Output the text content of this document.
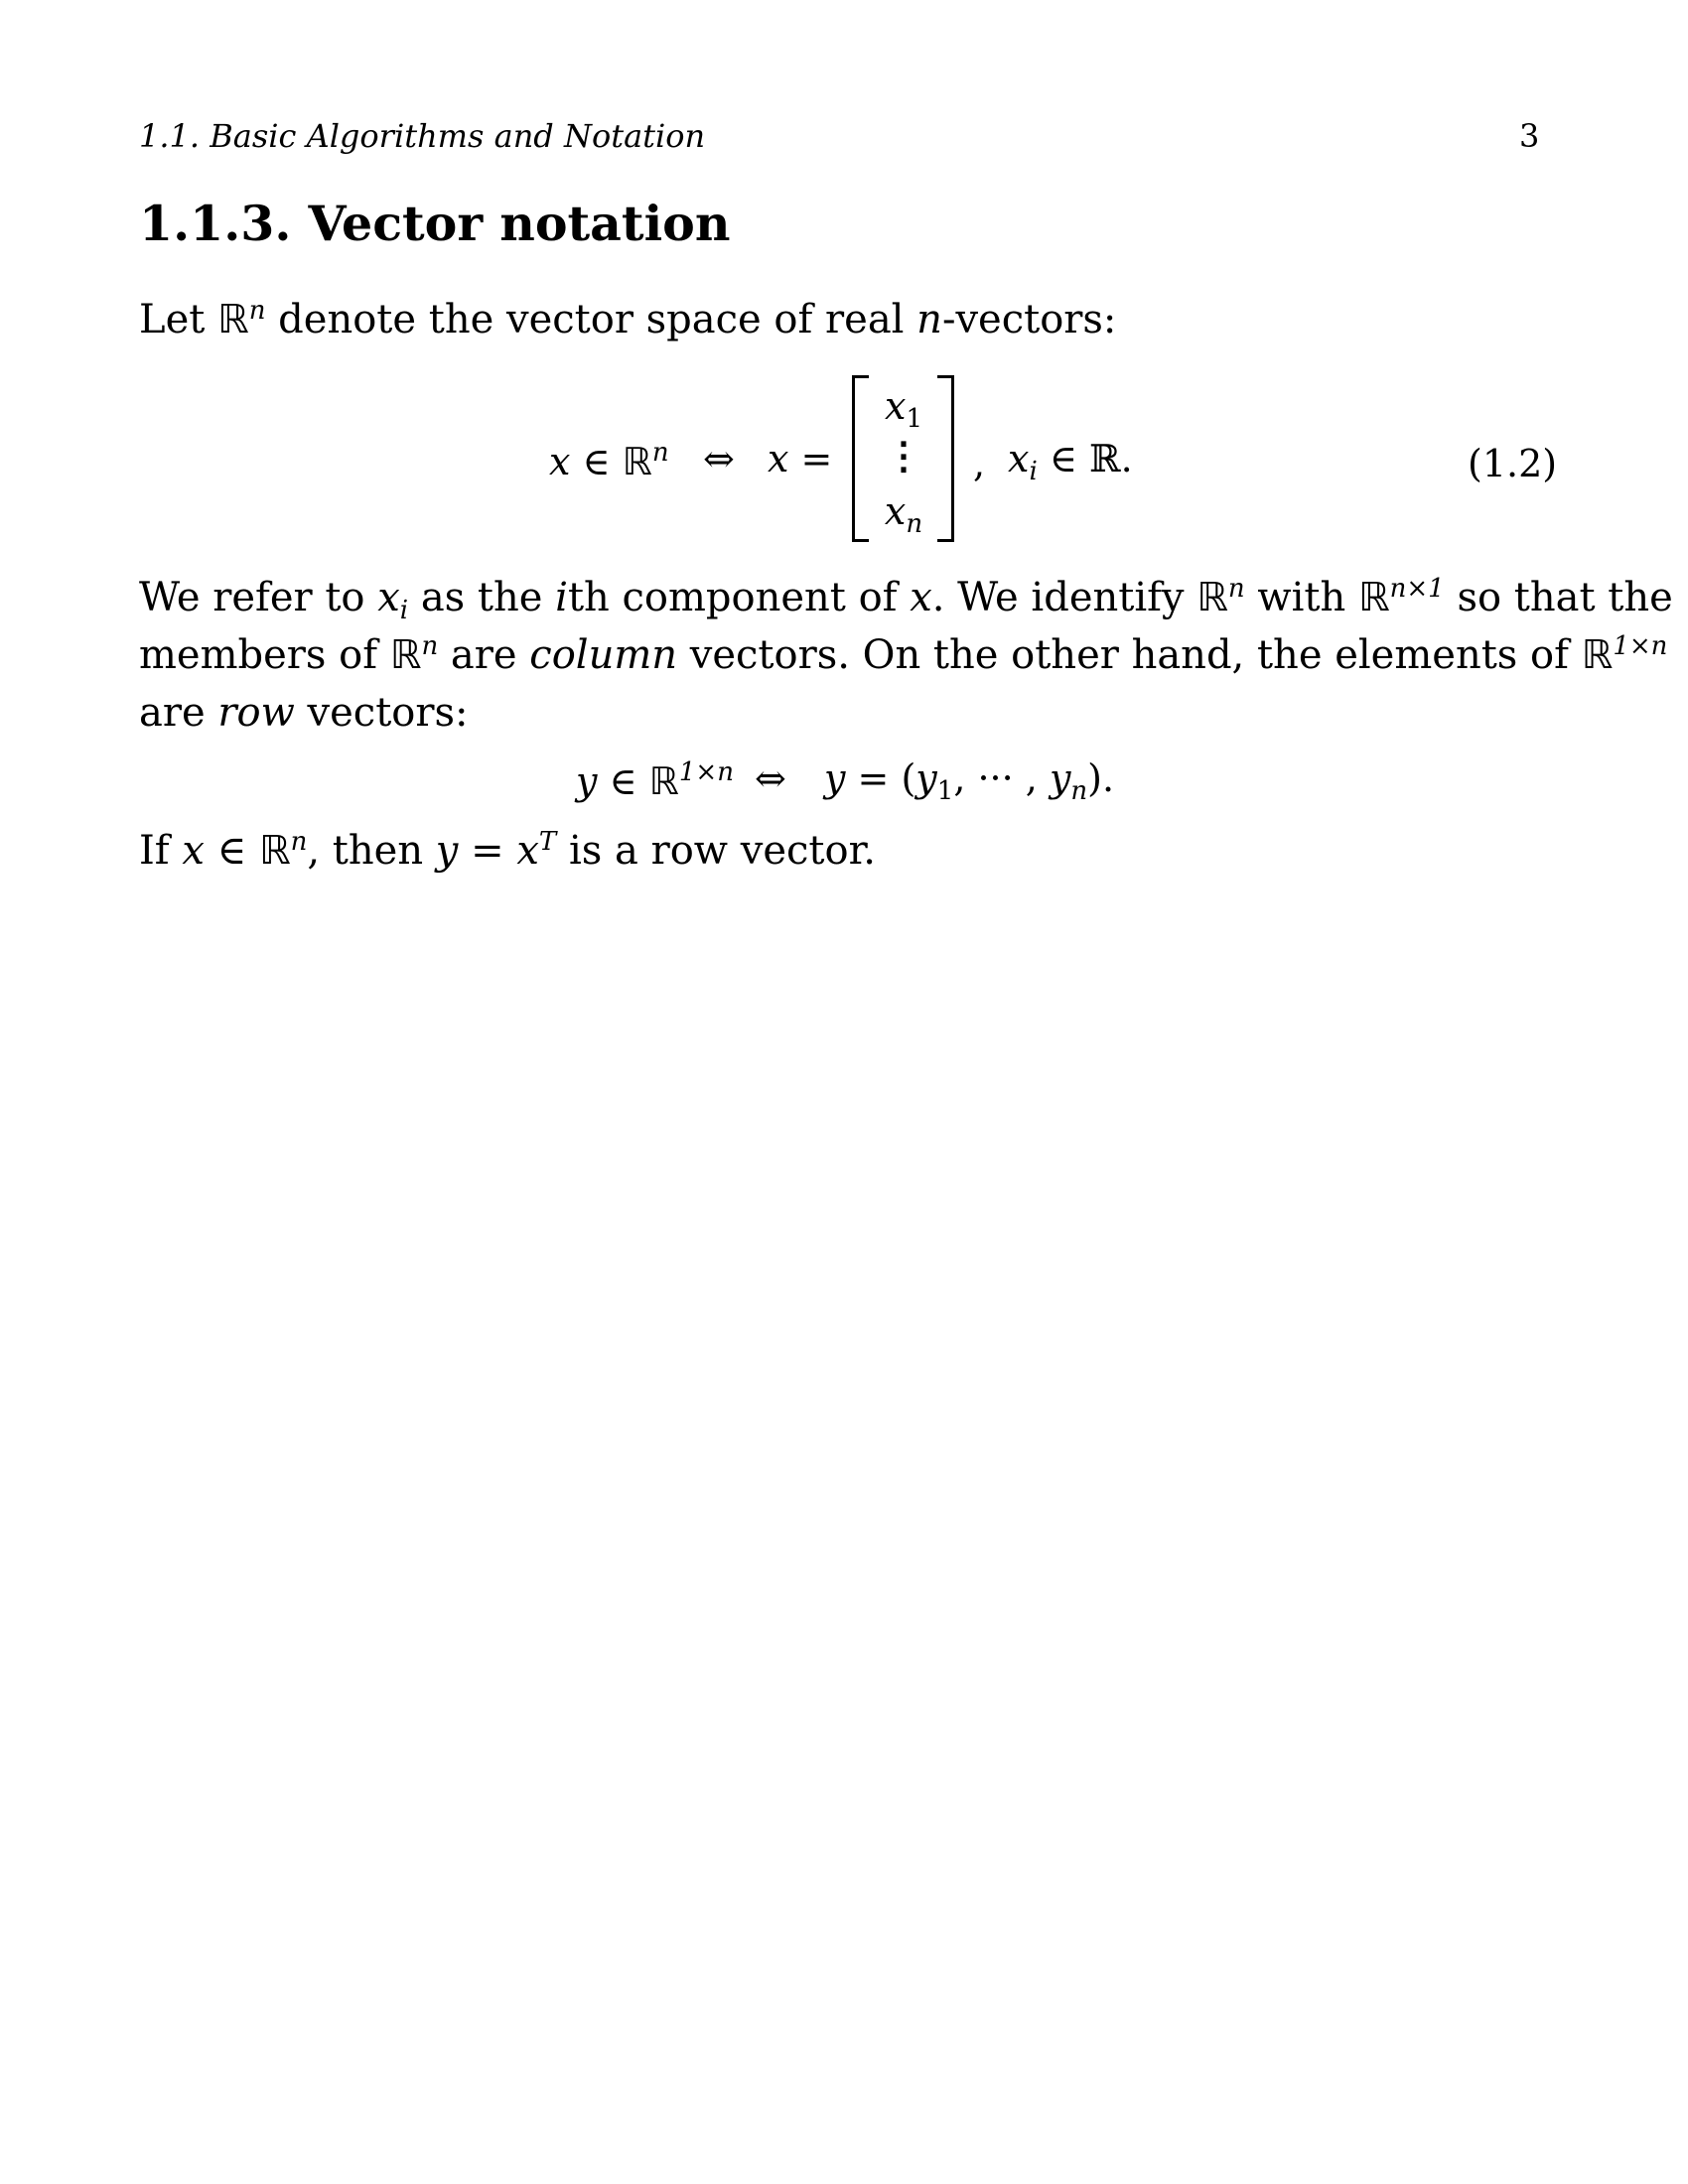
1.1. Basic Algorithms and Notation	3
1.1.3. Vector notation
Let ℝ$^n$ denote the vector space of real n-vectors:
x ∈ ℝ$^n$ ⇔ x =
$x_1$
⋮
$x_n$
, $x_i$ ∈ ℝ.	(1.2)
We refer to $x_i$ as the ith component of x. We identify ℝ$^n$ with ℝ$^{n\times 1}$ so that the
members of ℝ$^n$ are column vectors. On the other hand, the elements of ℝ$^{1\times n}$
are row vectors:
y ∈ ℝ$^{1\times n}$ ⇔ $y = (y_1$, ··· , $y_n$).
If x ∈ ℝ$^n$, then $y = x^T$ is a row vector.
